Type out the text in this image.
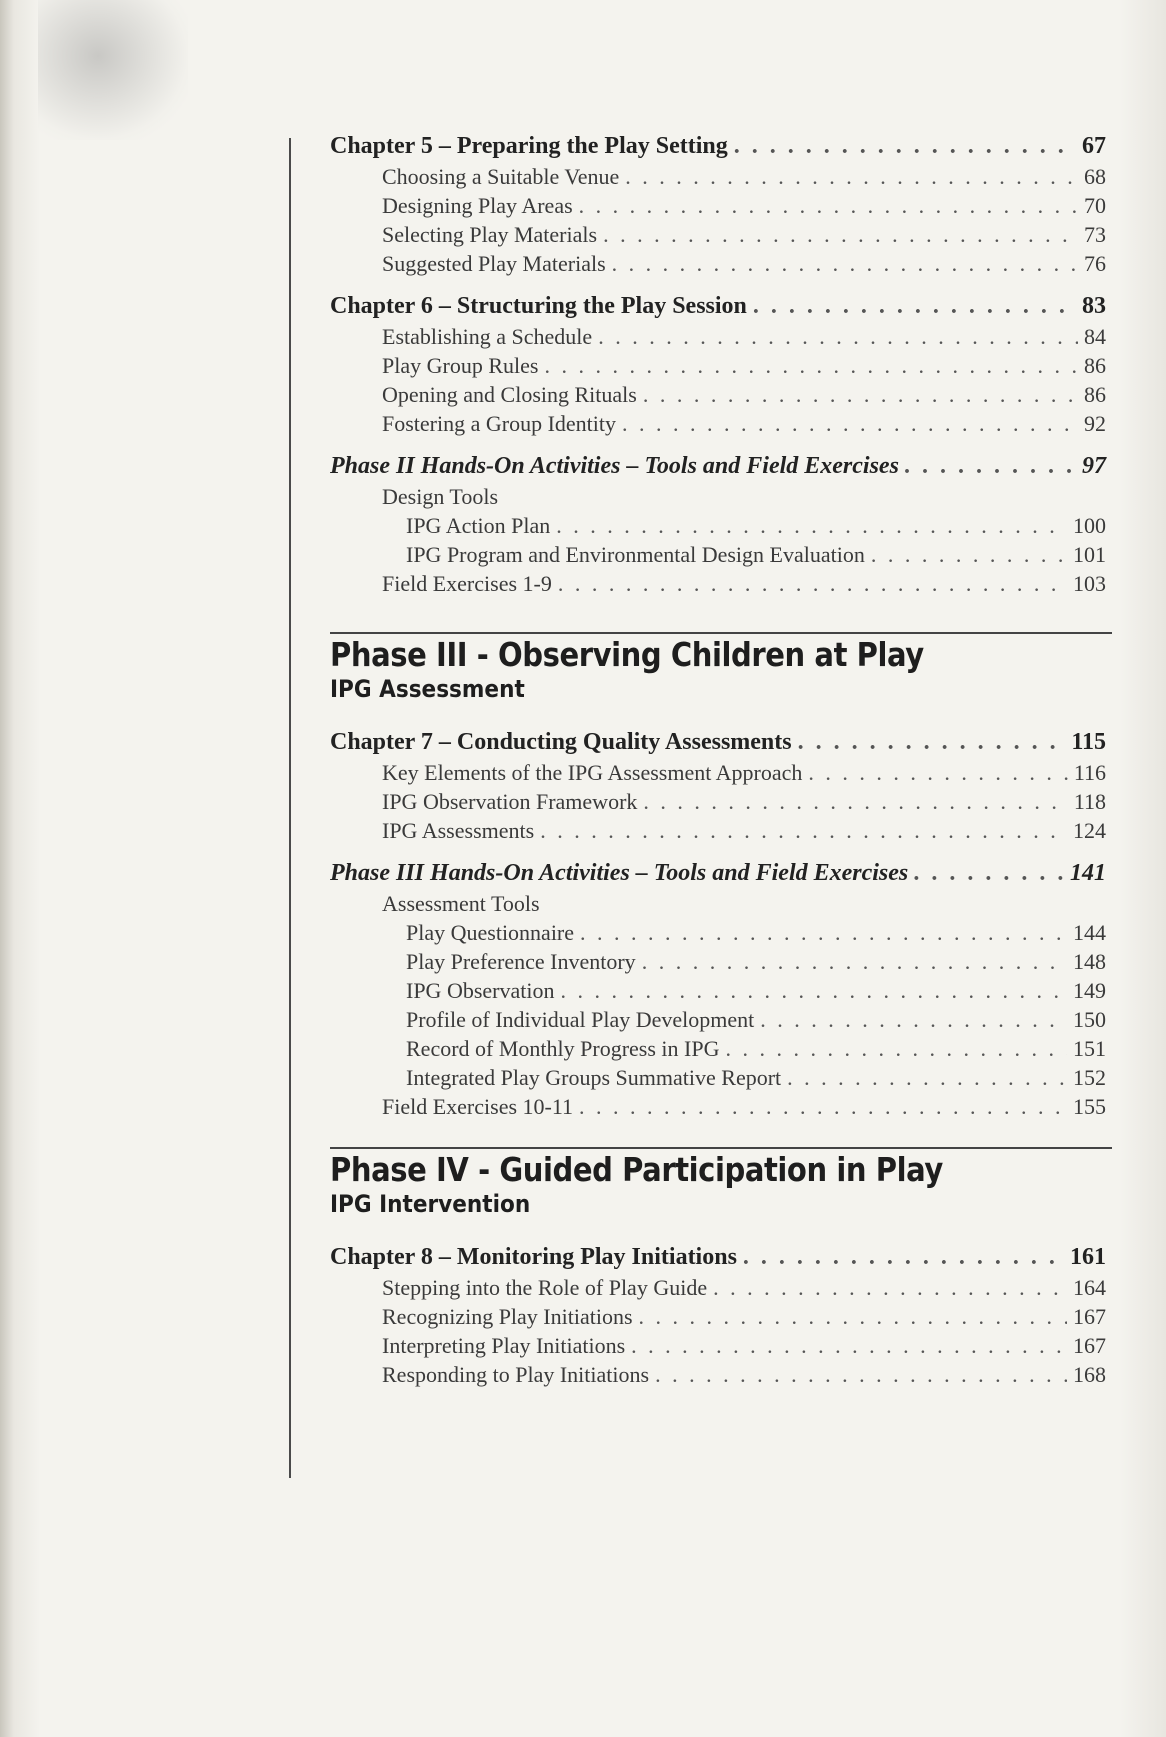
Chapter 5 – Preparing the Play Setting . . .	67
Choosing a Suitable Venue . . .	68
Designing Play Areas . . .	70
Selecting Play Materials . . .	73
Suggested Play Materials . . .	76
Chapter 6 – Structuring the Play Session . . .	83
Establishing a Schedule . . .	84
Play Group Rules . . .	86
Opening and Closing Rituals . . .	86
Fostering a Group Identity . . .	92
Phase II Hands-On Activities – Tools and Field Exercises . . .	97
Design Tools
IPG Action Plan . . .	100
IPG Program and Environmental Design Evaluation . . .	101
Field Exercises 1-9 . . .	103
Phase III - Observing Children at Play
IPG Assessment
Chapter 7 – Conducting Quality Assessments . . .	115
Key Elements of the IPG Assessment Approach . . .	116
IPG Observation Framework . . .	118
IPG Assessments . . .	124
Phase III Hands-On Activities – Tools and Field Exercises . . .	141
Assessment Tools
Play Questionnaire . . .	144
Play Preference Inventory . . .	148
IPG Observation . . .	149
Profile of Individual Play Development . . .	150
Record of Monthly Progress in IPG . . .	151
Integrated Play Groups Summative Report . . .	152
Field Exercises 10-11 . . .	155
Phase IV - Guided Participation in Play
IPG Intervention
Chapter 8 – Monitoring Play Initiations . . .	161
Stepping into the Role of Play Guide . . .	164
Recognizing Play Initiations . . .	167
Interpreting Play Initiations . . .	167
Responding to Play Initiations . . .	168
